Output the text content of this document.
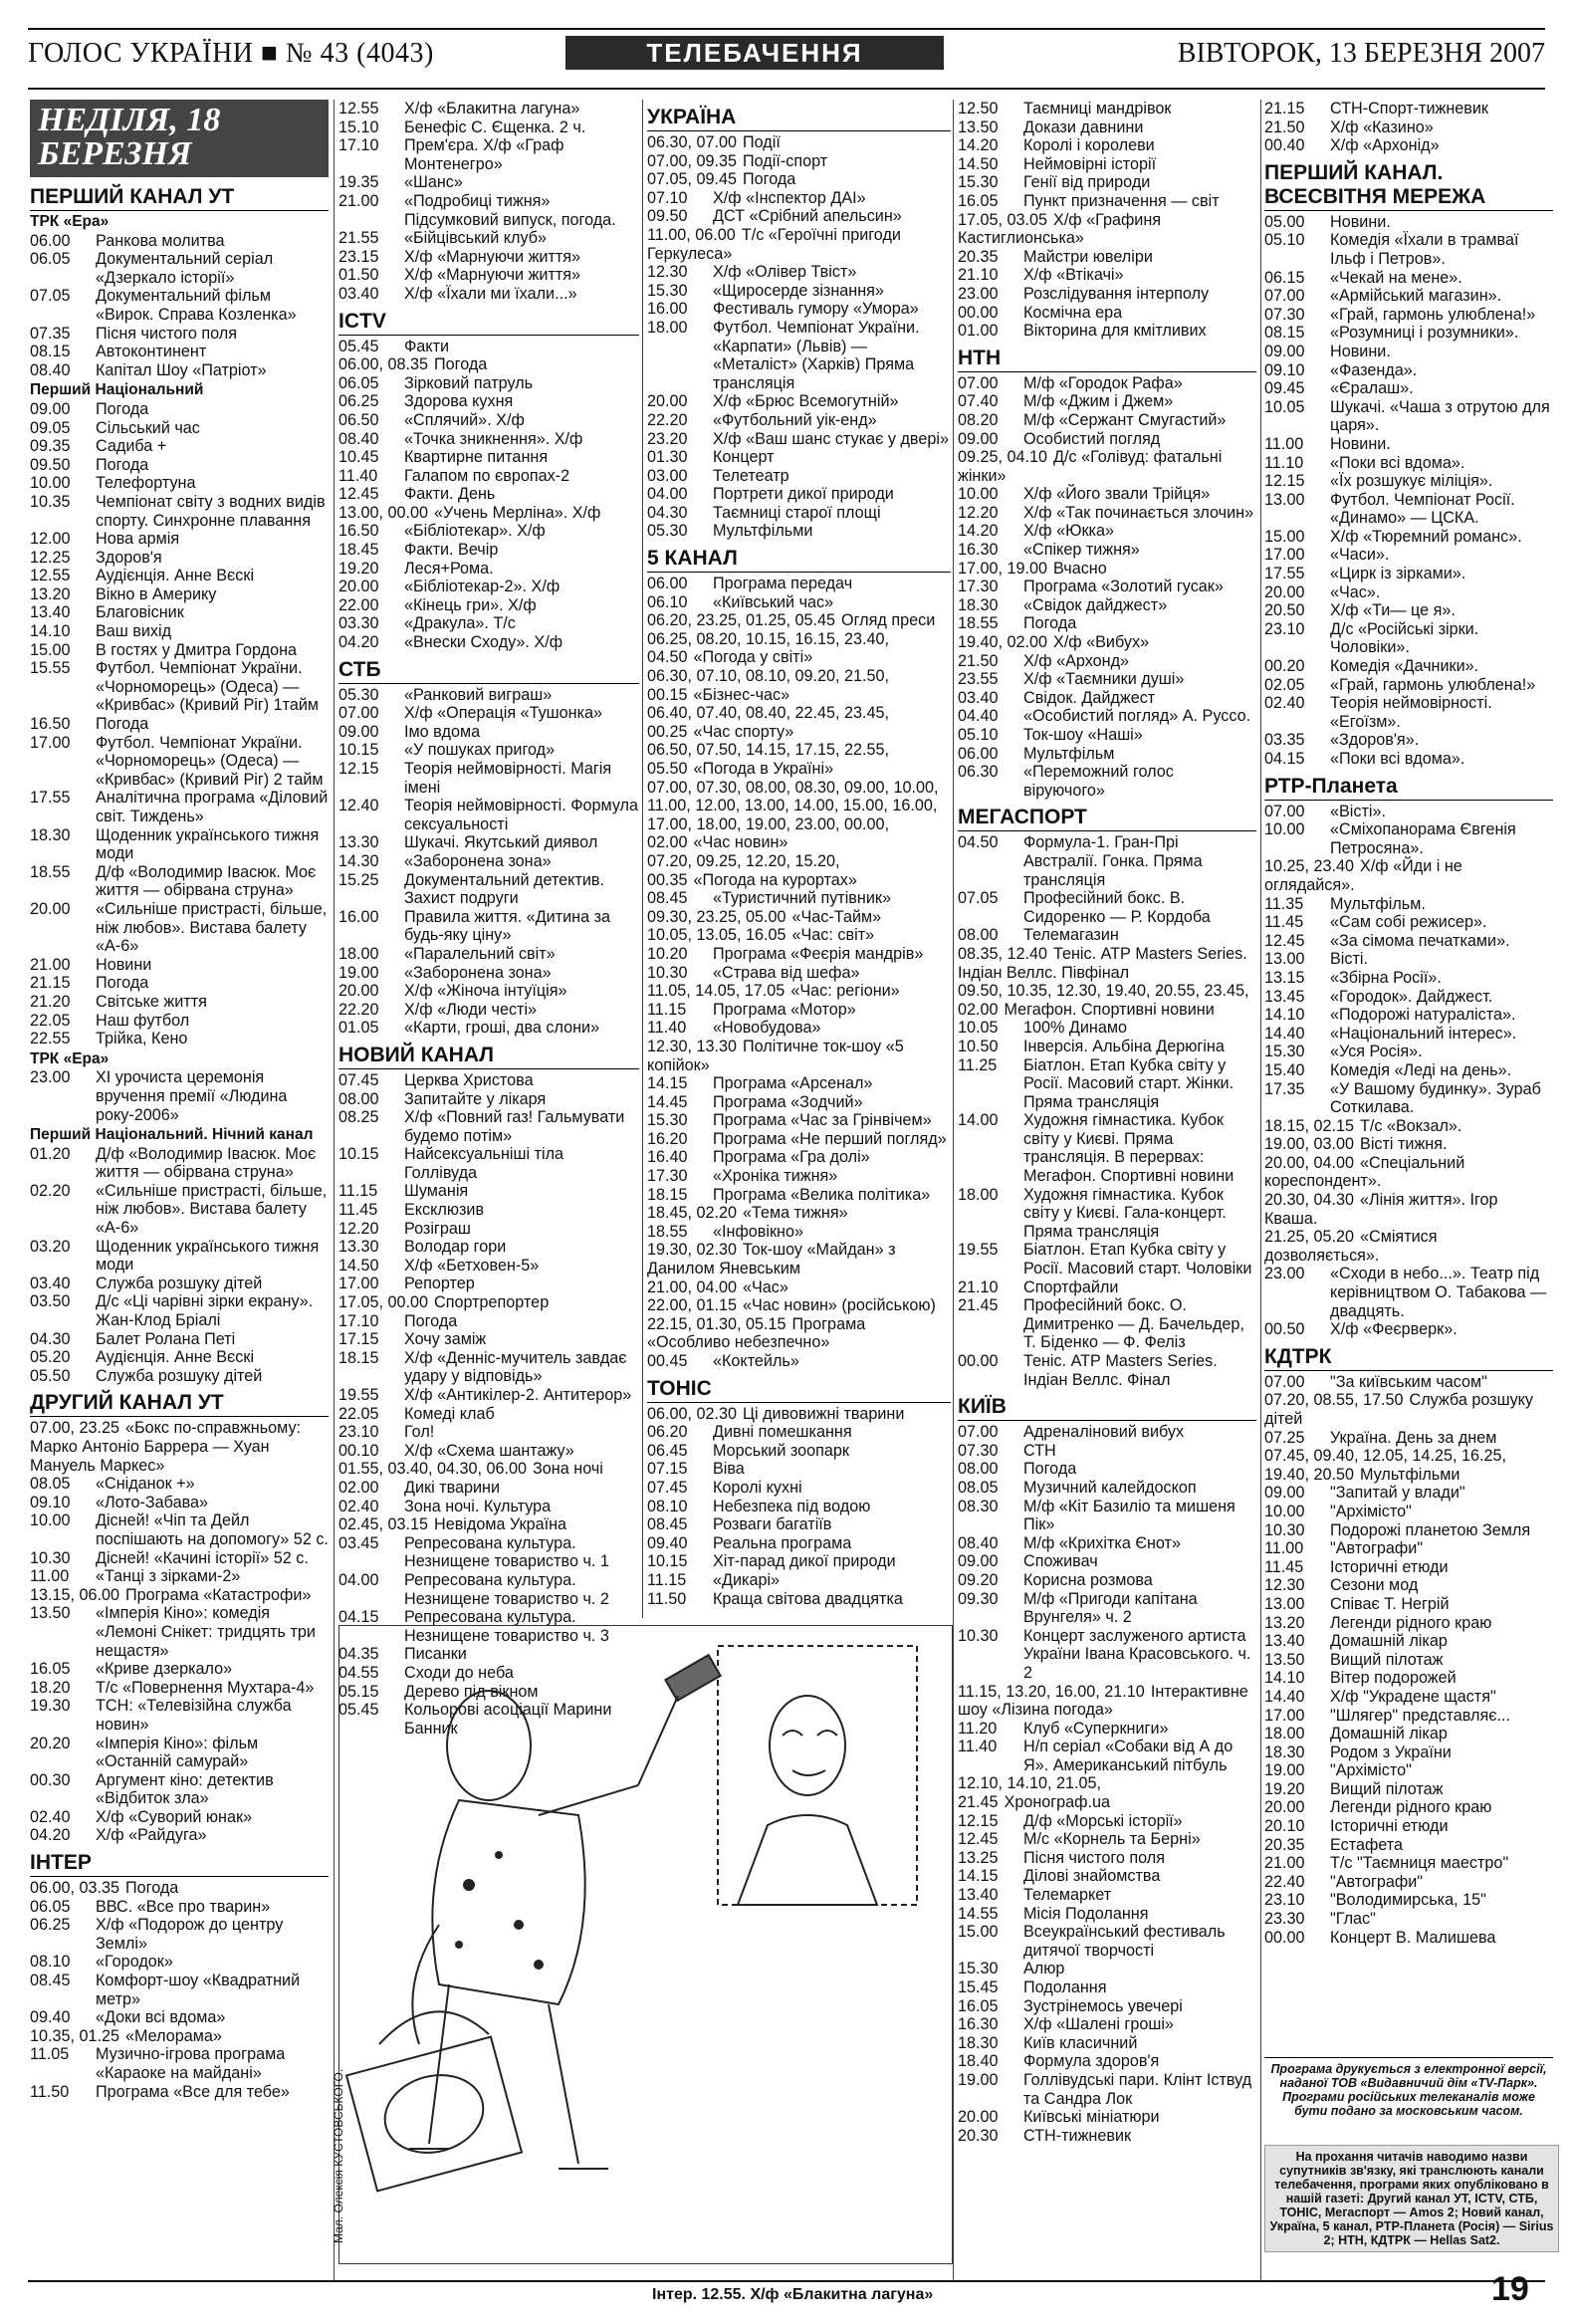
ГОЛОС УКРАЇНИ ■ № 43 (4043)	ТЕЛЕБАЧЕННЯ	ВІВТОРОК, 13 БЕРЕЗНЯ 2007
НЕДІЛЯ, 18 БЕРЕЗНЯ
ПЕРШИЙ КАНАЛ УТ
ТРК «Ера»
06.00	Ранкова молитва
06.05	Документальний серіал «Дзеркало історії»
07.05	Документальний фільм «Вирок. Справа Козленка»
07.35	Пісня чистого поля
08.15	Автоконтинент
08.40	Капітал Шоу «Патріот»
Перший Національний
09.00	Погода
09.05	Сільський час
09.35	Садиба +
09.50	Погода
10.00	Телефортуна
10.35	Чемпіонат світу з водних видів спорту. Синхронне плавання
12.00	Нова армія
12.25	Здоров'я
12.55	Аудієнція. Анне Вєскі
13.20	Вікно в Америку
13.40	Благовісник
14.10	Ваш вихід
15.00	В гостях у Дмитра Гордона
15.55	Футбол. Чемпіонат України. «Чорноморець» (Одеса) — «Кривбас» (Кривий Ріг) 1тайм
16.50	Погода
17.00	Футбол. Чемпіонат України. «Чорноморець» (Одеса) — «Кривбас» (Кривий Ріг) 2 тайм
17.55	Аналітична програма «Діловий світ. Тиждень»
18.30	Щоденник українського тижня моди
18.55	Д/ф «Володимир Івасюк. Моє життя — обірвана струна»
20.00	«Сильніше пристрасті, більше, ніж любов». Вистава балету «А-6»
21.00	Новини
21.15	Погода
21.20	Світське життя
22.05	Наш футбол
22.55	Трійка, Кено
ТРК «Ера»
23.00	ХІ урочиста церемонія вручення премії «Людина року-2006»
Перший Національний. Нічний канал
01.20	Д/ф «Володимир Івасюк. Моє життя — обірвана струна»
02.20	«Сильніше пристрасті, більше, ніж любов». Вистава балету «А-6»
03.20	Щоденник українського тижня моди
03.40	Служба розшуку дітей
03.50	Д/с «Ці чарівні зірки екрану». Жан-Клод Бріалі
04.30	Балет Ролана Петі
05.20	Аудієнція. Анне Вєскі
05.50	Служба розшуку дітей
ДРУГИЙ КАНАЛ УТ
07.00, 23.25 «Бокс по-справжньому: Марко Антоніо Баррера — Хуан Мануель Маркес»
08.05	«Сніданок +»
09.10	«Лото-Забава»
10.00	Дісней! «Чіп та Дейл поспішають на допомогу» 52 с.
10.30	Дісней! «Качині історії» 52 с.
11.00	«Танці з зірками-2»
13.15, 06.00 Програма «Катастрофи»
13.50	«Імперія Кіно»: комедія «Лемоні Снікет: тридцять три нещастя»
16.05	«Криве дзеркало»
18.20	Т/с «Повернення Мухтара-4»
19.30	ТСН: «Телевізійна служба новин»
20.20	«Імперія Кіно»: фільм «Останній самурай»
00.30	Аргумент кіно: детектив «Відбиток зла»
02.40	Х/ф «Суворий юнак»
04.20	Х/ф «Райдуга»
ІНТЕР
06.00, 03.35 Погода
06.05	ВВС. «Все про тварин»
06.25	Х/ф «Подорож до центру Землі»
08.10	«Городок»
08.45	Комфорт-шоу «Квадратний метр»
09.40	«Доки всі вдома»
10.35, 01.25 «Мелорама»
11.05	Музично-ігрова програма «Караоке на майдані»
11.50	Програма «Все для тебе»
12.55	Х/ф «Блакитна лагуна»
15.10	Бенефіс С. Єщенка. 2 ч.
17.10	Прем'єра. Х/ф «Граф Монтенегро»
19.35	«Шанс»
21.00	«Подробиці тижня» Підсумковий випуск, погода.
21.55	«Бійцівський клуб»
23.15	Х/ф «Марнуючи життя»
01.50	Х/ф «Марнуючи життя»
03.40	Х/ф «Їхали ми їхали...»
ICTV
05.45	Факти
06.00, 08.35 Погода
06.05	Зірковий патруль
06.25	Здорова кухня
06.50	«Сплячий». Х/ф
08.40	«Точка зникнення». Х/ф
10.45	Квартирне питання
11.40	Галапом по європах-2
12.45	Факти. День
13.00, 00.00 «Учень Мерліна». Х/ф
16.50	«Бібліотекар». Х/ф
18.45	Факти. Вечір
19.20	Леся+Рома.
20.00	«Бібліотекар-2». Х/ф
22.00	«Кінець гри». Х/ф
03.30	«Дракула». Т/с
04.20	«Внески Сходу». Х/ф
СТБ
05.30	«Ранковий виграш»
07.00	Х/ф «Операція «Тушонка»
09.00	Імо вдома
10.15	«У пошуках пригод»
12.15	Теорія неймовірності. Магія імені
12.40	Теорія неймовірності. Формула сексуальності
13.30	Шукачі. Якутський диявол
14.30	«Заборонена зона»
15.25	Документальний детектив. Захист подруги
16.00	Правила життя. «Дитина за будь-яку ціну»
18.00	«Паралельний світ»
19.00	«Заборонена зона»
20.00	Х/ф «Жіноча інтуїція»
22.20	Х/ф «Люди честі»
01.05	«Карти, гроші, два слони»
НОВИЙ КАНАЛ
07.45	Церква Христова
08.00	Запитайте у лікаря
08.25	Х/ф «Повний газ! Гальмувати будемо потім»
10.15	Найсексуальніші тіла Голлівуда
11.15	Шуманія
11.45	Ексклюзив
12.20	Розіграш
13.30	Володар гори
14.50	Х/ф «Бетховен-5»
17.00	Репортер
17.05, 00.00 Спортрепортер
17.10	Погода
17.15	Хочу заміж
18.15	Х/ф «Денніс-мучитель завдає удару у відповідь»
19.55	Х/ф «Антикілер-2. Антитерор»
22.05	Комеді клаб
23.10	Гол!
00.10	Х/ф «Схема шантажу»
01.55, 03.40, 04.30, 06.00 Зона ночі
02.00	Дикі тварини
02.40	Зона ночі. Культура
02.45, 03.15 Невідома Україна
03.45	Репресована культура. Незнищене товариство ч. 1
04.00	Репресована культура. Незнищене товариство ч. 2
04.15	Репресована культура. Незнищене товариство ч. 3
04.35	Писанки
04.55	Сходи до неба
05.15	Дерево під вікном
05.45	Кольорові асоціації Марини Банник
УКРАЇНА
06.30, 07.00 Події
07.00, 09.35 Події-спорт
07.05, 09.45 Погода
07.10	Х/ф «Інспектор ДАІ»
09.50	ДСТ «Срібний апельсин»
11.00, 06.00 Т/с «Героїчні пригоди Геркулеса»
12.30	Х/ф «Олівер Твіст»
15.30	«Щиросерде зізнання»
16.00	Фестиваль гумору «Умора»
18.00	Футбол. Чемпіонат України. «Карпати» (Львів) — «Металіст» (Харків) Пряма трансляція
20.00	Х/ф «Брюс Всемогутній»
22.20	«Футбольний уік-енд»
23.20	Х/ф «Ваш шанс стукає у двері»
01.30	Концерт
03.00	Телетеатр
04.00	Портрети дикої природи
04.30	Таємниці старої площі
05.30	Мультфільми
5 КАНАЛ
06.00	Програма передач
06.10	«Київський час»
06.20, 23.25, 01.25, 05.45 Огляд преси
06.25, 08.20, 10.15, 16.15, 23.40, 04.50 «Погода у світі»
06.30, 07.10, 08.10, 09.20, 21.50, 00.15 «Бізнес-час»
06.40, 07.40, 08.40, 22.45, 23.45, 00.25 «Час спорту»
06.50, 07.50, 14.15, 17.15, 22.55, 05.50 «Погода в Україні»
07.00, 07.30, 08.00, 08.30, 09.00, 10.00, 11.00, 12.00, 13.00, 14.00, 15.00, 16.00, 17.00, 18.00, 19.00, 23.00, 00.00, 02.00 «Час новин»
07.20, 09.25, 12.20, 15.20, 00.35 «Погода на курортах»
08.45	«Туристичний путівник»
09.30, 23.25, 05.00 «Час-Тайм»
10.05, 13.05, 16.05 «Час: світ»
10.20	Програма «Феєрія мандрів»
10.30	«Страва від шефа»
11.05, 14.05, 17.05 «Час: регіони»
11.15	Програма «Мотор»
11.40	«Новобудова»
12.30, 13.30 Політичне ток-шоу «5 копійок»
14.15	Програма «Арсенал»
14.45	Програма «Зодчий»
15.30	Програма «Час за Грінвічем»
16.20	Програма «Не перший погляд»
16.40	Програма «Гра долі»
17.30	«Хроніка тижня»
18.15	Програма «Велика політика»
18.45, 02.20 «Тема тижня»
18.55	«Інфовікно»
19.30, 02.30 Ток-шоу «Майдан» з Данилом Яневським
21.00, 04.00 «Час»
22.00, 01.15 «Час новин» (російською)
22.15, 01.30, 05.15 Програма «Особливо небезпечно»
00.45	«Коктейль»
ТОНІС
06.00, 02.30 Ці дивовижні тварини
06.20	Дивні помешкання
06.45	Морський зоопарк
07.15	Віва
07.45	Королі кухні
08.10	Небезпека під водою
08.45	Розваги багатіїв
09.40	Реальна програма
10.15	Хіт-парад дикої природи
11.15	«Дикарі»
11.50	Краща світова двадцятка
12.50	Таємниці мандрівок
13.50	Докази давнини
14.20	Королі і королеви
14.50	Неймовірні історії
15.30	Генії від природи
16.05	Пункт призначення — світ
17.05, 03.05 Х/ф «Графиня Кастиглионська»
20.35	Майстри ювеліри
21.10	Х/ф «Втікачі»
23.00	Розслідування інтерполу
00.00	Космічна ера
01.00	Вікторина для кмітливих
НТН
07.00	М/ф «Городок Рафа»
07.40	М/ф «Джим і Джем»
08.20	М/ф «Сержант Смугастий»
09.00	Особистий погляд
09.25, 04.10 Д/с «Голівуд: фатальні жінки»
10.00	Х/ф «Його звали Трійця»
12.20	Х/ф «Так починається злочин»
14.20	Х/ф «Юкка»
16.30	«Спікер тижня»
17.00, 19.00 Вчасно
17.30	Програма «Золотий гусак»
18.30	«Свідок дайджест»
18.55	Погода
19.40, 02.00 Х/ф «Вибух»
21.50	Х/ф «Архонд»
23.55	Х/ф «Таємники душі»
03.40	Свідок. Дайджест
04.40	«Особистий погляд» А. Руссо.
05.10	Ток-шоу «Наші»
06.00	Мультфільм
06.30	«Переможний голос віруючого»
МЕГАСПОРТ
04.50	Формула-1. Гран-Прі Австралії. Гонка. Пряма трансляція
07.05	Професійний бокс. В. Сидоренко — Р. Кордоба
08.00	Телемагазин
08.35, 12.40 Теніс. АТР Masters Series. Індіан Веллс. Півфінал
09.50, 10.35, 12.30, 19.40, 20.55, 23.45, 02.00 Мегафон. Спортивні новини
10.05	100% Динамо
10.50	Інверсія. Альбіна Дерюгіна
11.25	Біатлон. Етап Кубка світу у Росії. Масовий старт. Жінки. Пряма трансляція
14.00	Художня гімнастика. Кубок світу у Києві. Пряма трансляція. В перервах: Мегафон. Спортивні новини
18.00	Художня гімнастика. Кубок світу у Києві. Гала-концерт. Пряма трансляція
19.55	Біатлон. Етап Кубка світу у Росії. Масовий старт. Чоловіки
21.10	Спортфайли
21.45	Професійний бокс. О. Димитренко — Д. Бачельдер, Т. Біденко — Ф. Феліз
00.00	Теніс. АТР Masters Series. Індіан Веллс. Фінал
КИЇВ
07.00	Адреналіновий вибух
07.30	СТН
08.00	Погода
08.05	Музичний калейдоскоп
08.30	М/ф «Кіт Базиліо та мишеня Пік»
08.40	М/ф «Крихітка Єнот»
09.00	Споживач
09.20	Корисна розмова
09.30	М/ф «Пригоди капітана Врунгеля» ч. 2
10.30	Концерт заслуженого артиста України Івана Красовського. ч. 2
11.15, 13.20, 16.00, 21.10 Інтерактивне шоу «Лізина погода»
11.20	Клуб «Суперкниги»
11.40	Н/п серіал «Собаки від А до Я». Американський пітбуль
12.10, 14.10, 21.05, 21.45 Хронограф.ua
12.15	Д/ф «Морські історії»
12.45	М/с «Корнель та Берні»
13.25	Пісня чистого поля
14.15	Ділові знайомства
13.40	Телемаркет
14.55	Місія Подолання
15.00	Всеукраїнський фестиваль дитячої творчості
15.30	Алюр
15.45	Подолання
16.05	Зустрінемось увечері
16.30	Х/ф «Шалені гроші»
18.30	Київ класичний
18.40	Формула здоров'я
19.00	Голлівудські пари. Клінт Іствуд та Сандра Лок
20.00	Київські мініатюри
20.30	СТН-тижневик
21.15	СТН-Спорт-тижневик
21.50	Х/ф «Казино»
00.40	Х/ф «Архонід»
ПЕРШИЙ КАНАЛ. ВСЕСВІТНЯ МЕРЕЖА
05.00	Новини.
05.10	Комедія «Їхали в трамваї Ільф і Петров».
06.15	«Чекай на мене».
07.00	«Армійський магазин».
07.30	«Грай, гармонь улюблена!»
08.15	«Розумниці і розумники».
09.00	Новини.
09.10	«Фазенда».
09.45	«Єралаш».
10.05	Шукачі. «Чаша з отрутою для царя».
11.00	Новини.
11.10	«Поки всі вдома».
12.15	«Їх розшукує міліція».
13.00	Футбол. Чемпіонат Росії. «Динамо» — ЦСКА.
15.00	Х/ф «Тюремний романс».
17.00	«Часи».
17.55	«Цирк із зірками».
20.00	«Час».
20.50	Х/ф «Ти— це я».
23.10	Д/с «Російські зірки. Чоловіки».
00.20	Комедія «Дачники».
02.05	«Грай, гармонь улюблена!»
02.40	Теорія неймовірності. «Егоїзм».
03.35	«Здоров'я».
04.15	«Поки всі вдома».
РТР-Планета
07.00	«Вісті».
10.00	«Сміхопанорама Євгенія Петросяна».
10.25, 23.40 Х/ф «Йди і не оглядайся».
11.35	Мультфільм.
11.45	«Сам собі режисер».
12.45	«За сімома печатками».
13.00	Вісті.
13.15	«Збірна Росії».
13.45	«Городок». Дайджест.
14.10	«Подорожі натураліста».
14.40	«Національний інтерес».
15.30	«Уся Росія».
15.40	Комедія «Леді на день».
17.35	«У Вашому будинку». Зураб Соткилава.
18.15, 02.15 Т/с «Вокзал».
19.00, 03.00 Вісті тижня.
20.00, 04.00 «Спеціальний кореспондент».
20.30, 04.30 «Лінія життя». Ігор Кваша.
21.25, 05.20 «Сміятися дозволяється».
23.00	«Сходи в небо...». Театр під керівництвом О. Табакова — двадцять.
00.50	Х/ф «Феєрверк».
КДТРК
07.00	"За київським часом"
07.20, 08.55, 17.50 Служба розшуку дітей
07.25	Україна. День за днем
07.45, 09.40, 12.05, 14.25, 16.25, 19.40, 20.50 Мультфільми
09.00	"Запитай у влади"
10.00	"Архімісто"
10.30	Подорожі планетою Земля
11.00	"Автографи"
11.45	Історичні етюди
12.30	Сезони мод
13.00	Співає Т. Негрій
13.20	Легенди рідного краю
13.40	Домашній лікар
13.50	Вищий пілотаж
14.10	Вітер подорожей
14.40	Х/ф "Украдене щастя"
17.00	"Шлягер" представляє...
18.00	Домашній лікар
18.30	Родом з України
19.00	"Архімісто"
19.20	Вищий пілотаж
20.00	Легенди рідного краю
20.10	Історичні етюди
20.35	Естафета
21.00	Т/с "Таємниця маестро"
22.40	"Автографи"
23.10	"Володимирська, 15"
23.30	"Глас"
00.00	Концерт В. Малишева
Мал. Олексія КУСТОВСЬКОГО.	Програма друкується з електронної версії, наданої ТОВ «Видавничий дім «TV-Парк». Програми російських телеканалів може бути подано за московським часом.
На прохання читачів наводимо назви супутників зв'язку, які транслюють канали телебачення, програми яких опубліковано в нашій газеті: Другий канал УТ, ICTV, СТБ, ТОНІС, Мегаспорт — Amos 2; Новий канал, Україна, 5 канал, РТР-Планета (Росія) — Sirius 2; НТН, КДТРК — Hellas Sat2.
Інтер. 12.55. Х/ф «Блакитна лагуна»	19
